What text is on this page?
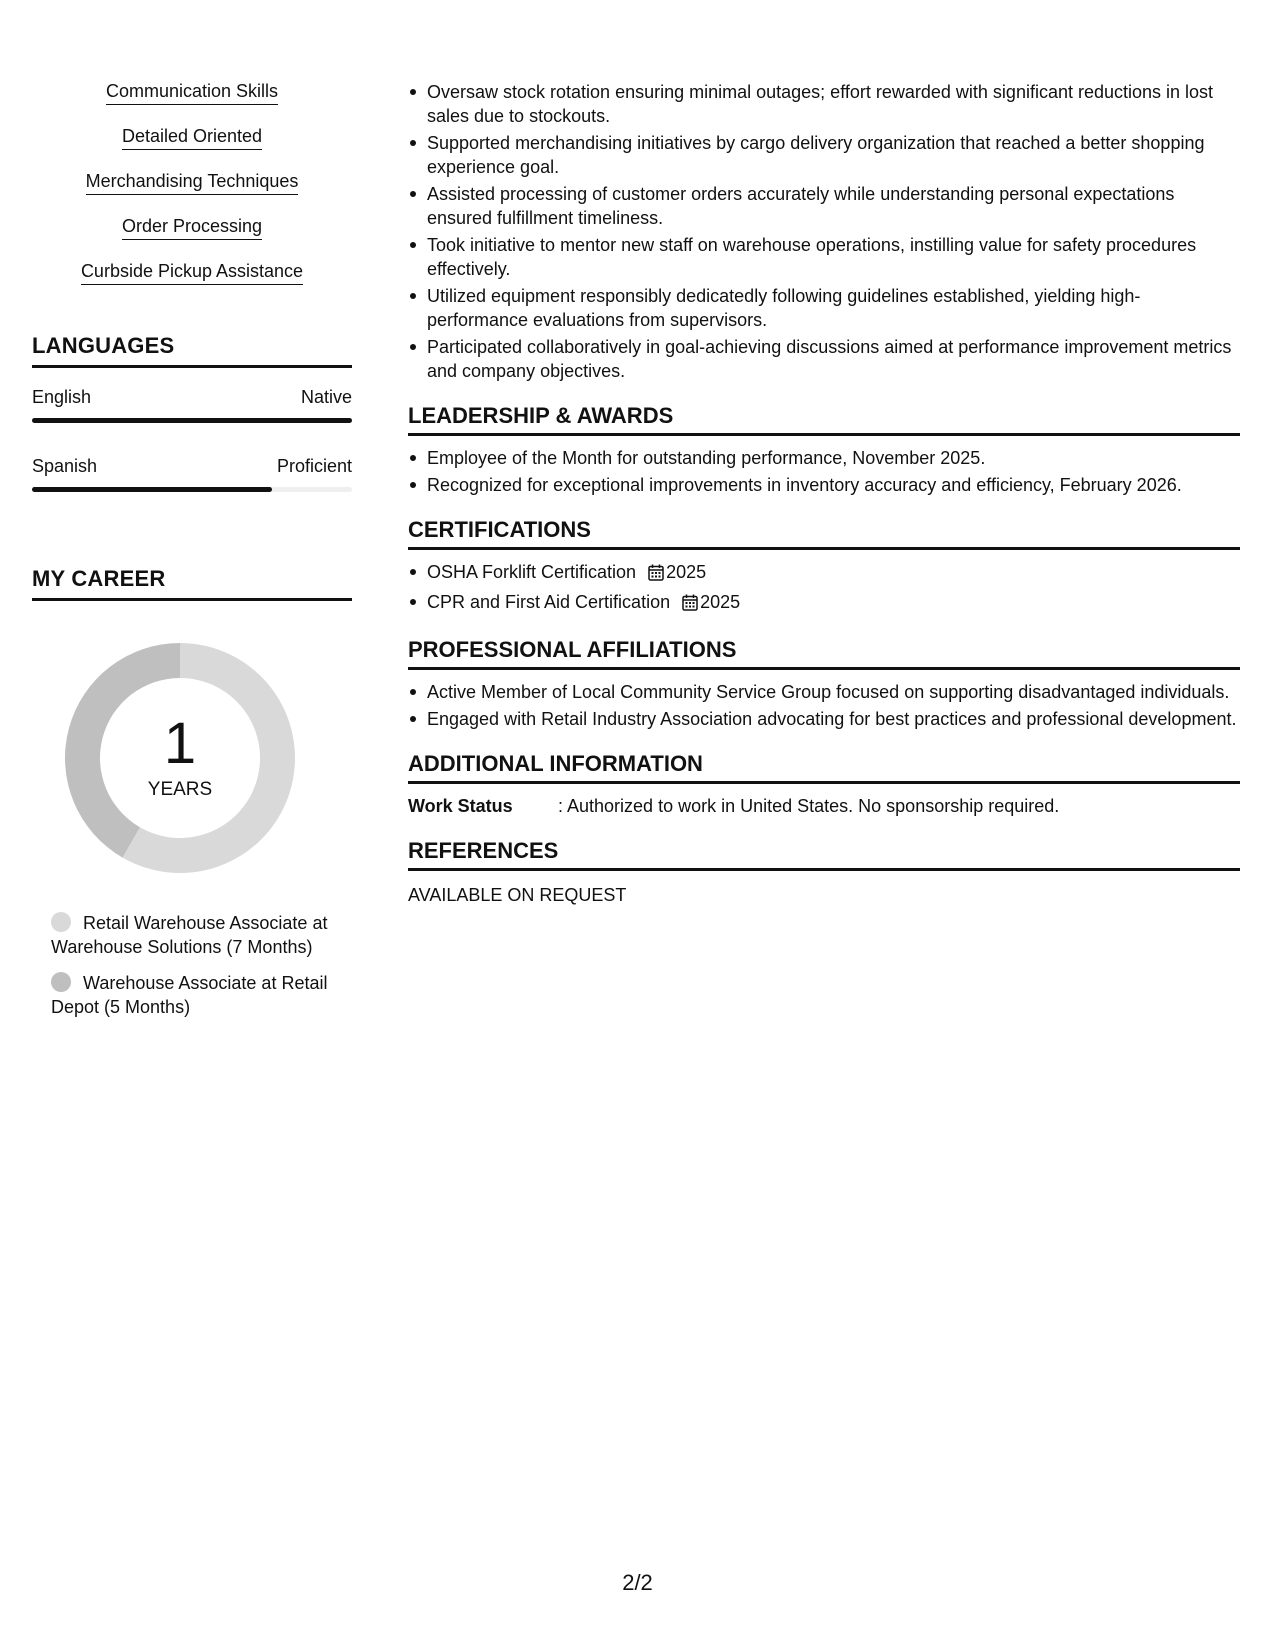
Communication Skills
Detailed Oriented
Merchandising Techniques
Order Processing
Curbside Pickup Assistance
LANGUAGES
English	Native
Spanish	Proficient
MY CAREER
1
YEARS
Retail Warehouse Associate at Warehouse Solutions (7 Months)
Warehouse Associate at Retail Depot (5 Months)
Oversaw stock rotation ensuring minimal outages; effort rewarded with significant reductions in lost sales due to stockouts.
Supported merchandising initiatives by cargo delivery organization that reached a better shopping experience goal.
Assisted processing of customer orders accurately while understanding personal expectations ensured fulfillment timeliness.
Took initiative to mentor new staff on warehouse operations, instilling value for safety procedures effectively.
Utilized equipment responsibly dedicatedly following guidelines established, yielding high-performance evaluations from supervisors.
Participated collaboratively in goal-achieving discussions aimed at performance improvement metrics and company objectives.
LEADERSHIP & AWARDS
Employee of the Month for outstanding performance, November 2025.
Recognized for exceptional improvements in inventory accuracy and efficiency, February 2026.
CERTIFICATIONS
OSHA Forklift Certification 2025
CPR and First Aid Certification 2025
PROFESSIONAL AFFILIATIONS
Active Member of Local Community Service Group focused on supporting disadvantaged individuals.
Engaged with Retail Industry Association advocating for best practices and professional development.
ADDITIONAL INFORMATION
Work Status	: Authorized to work in United States. No sponsorship required.
REFERENCES
AVAILABLE ON REQUEST
2/2
